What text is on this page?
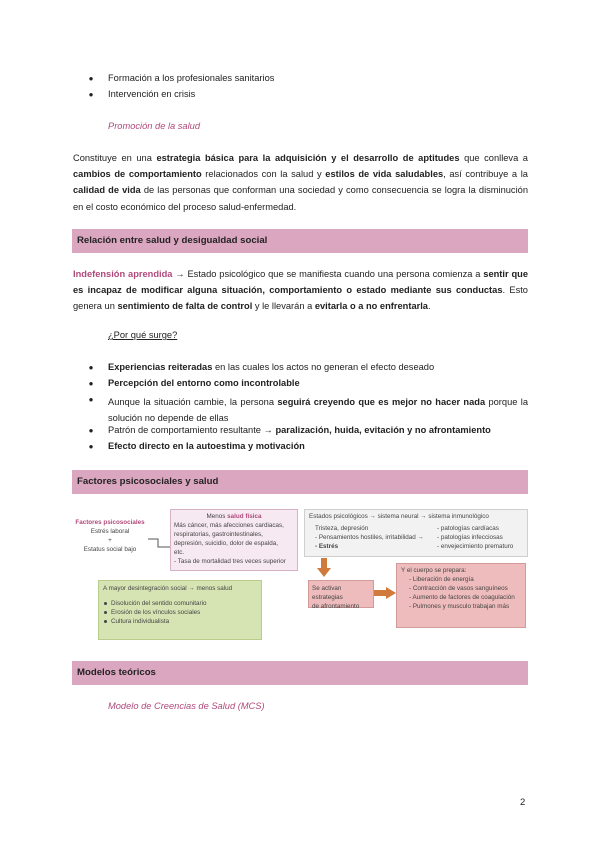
● Formación a los profesionales sanitarios
● Intervención en crisis
Promoción de la salud
Constituye en una estrategia básica para la adquisición y el desarrollo de aptitudes que conlleva a cambios de comportamiento relacionados con la salud y estilos de vida saludables, así contribuye a la calidad de vida de las personas que conforman una sociedad y como consecuencia se logra la disminución en el costo económico del proceso salud-enfermedad.
Relación entre salud y desigualdad social
Indefensión aprendida → Estado psicológico que se manifiesta cuando una persona comienza a sentir que es incapaz de modificar alguna situación, comportamiento o estado mediante sus conductas. Esto genera un sentimiento de falta de control y le llevarán a evitarla o a no enfrentarla.
¿Por qué surge?
● Experiencias reiteradas en las cuales los actos no generan el efecto deseado
● Percepción del entorno como incontrolable
● Aunque la situación cambie, la persona seguirá creyendo que es mejor no hacer nada porque la solución no depende de ellas
● Patrón de comportamiento resultante → paralización, huida, evitación y no afrontamiento
● Efecto directo en la autoestima y motivación
Factores psicosociales y salud
Factores psicosociales
Estrés laboral
+
Estatus social bajo
Menos salud física
Más cáncer, más afecciones cardiacas,
respiratorias, gastrointestinales,
depresión, suicidio, dolor de espalda,
etc.
- Tasa de mortalidad tres veces superior
A mayor desintegración social → menos salud
Disolución del sentido comunitario
Erosión de los vínculos sociales
Cultura individualista
Estados psicológicos → sistema neural → sistema inmunológico
Tristeza, depresión
- Pensamientos hostiles, irritabilidad →
- Estrés
- patologías cardíacas
- patologías infecciosas
- envejecimiento prematuro
Se activan estrategias
de afrontamiento
Y el cuerpo se prepara:
- Liberación de energía
- Contracción de vasos sanguíneos
- Aumento de factores de coagulación
- Pulmones y musculo trabajan más
Modelos teóricos
Modelo de Creencias de Salud (MCS)
2
